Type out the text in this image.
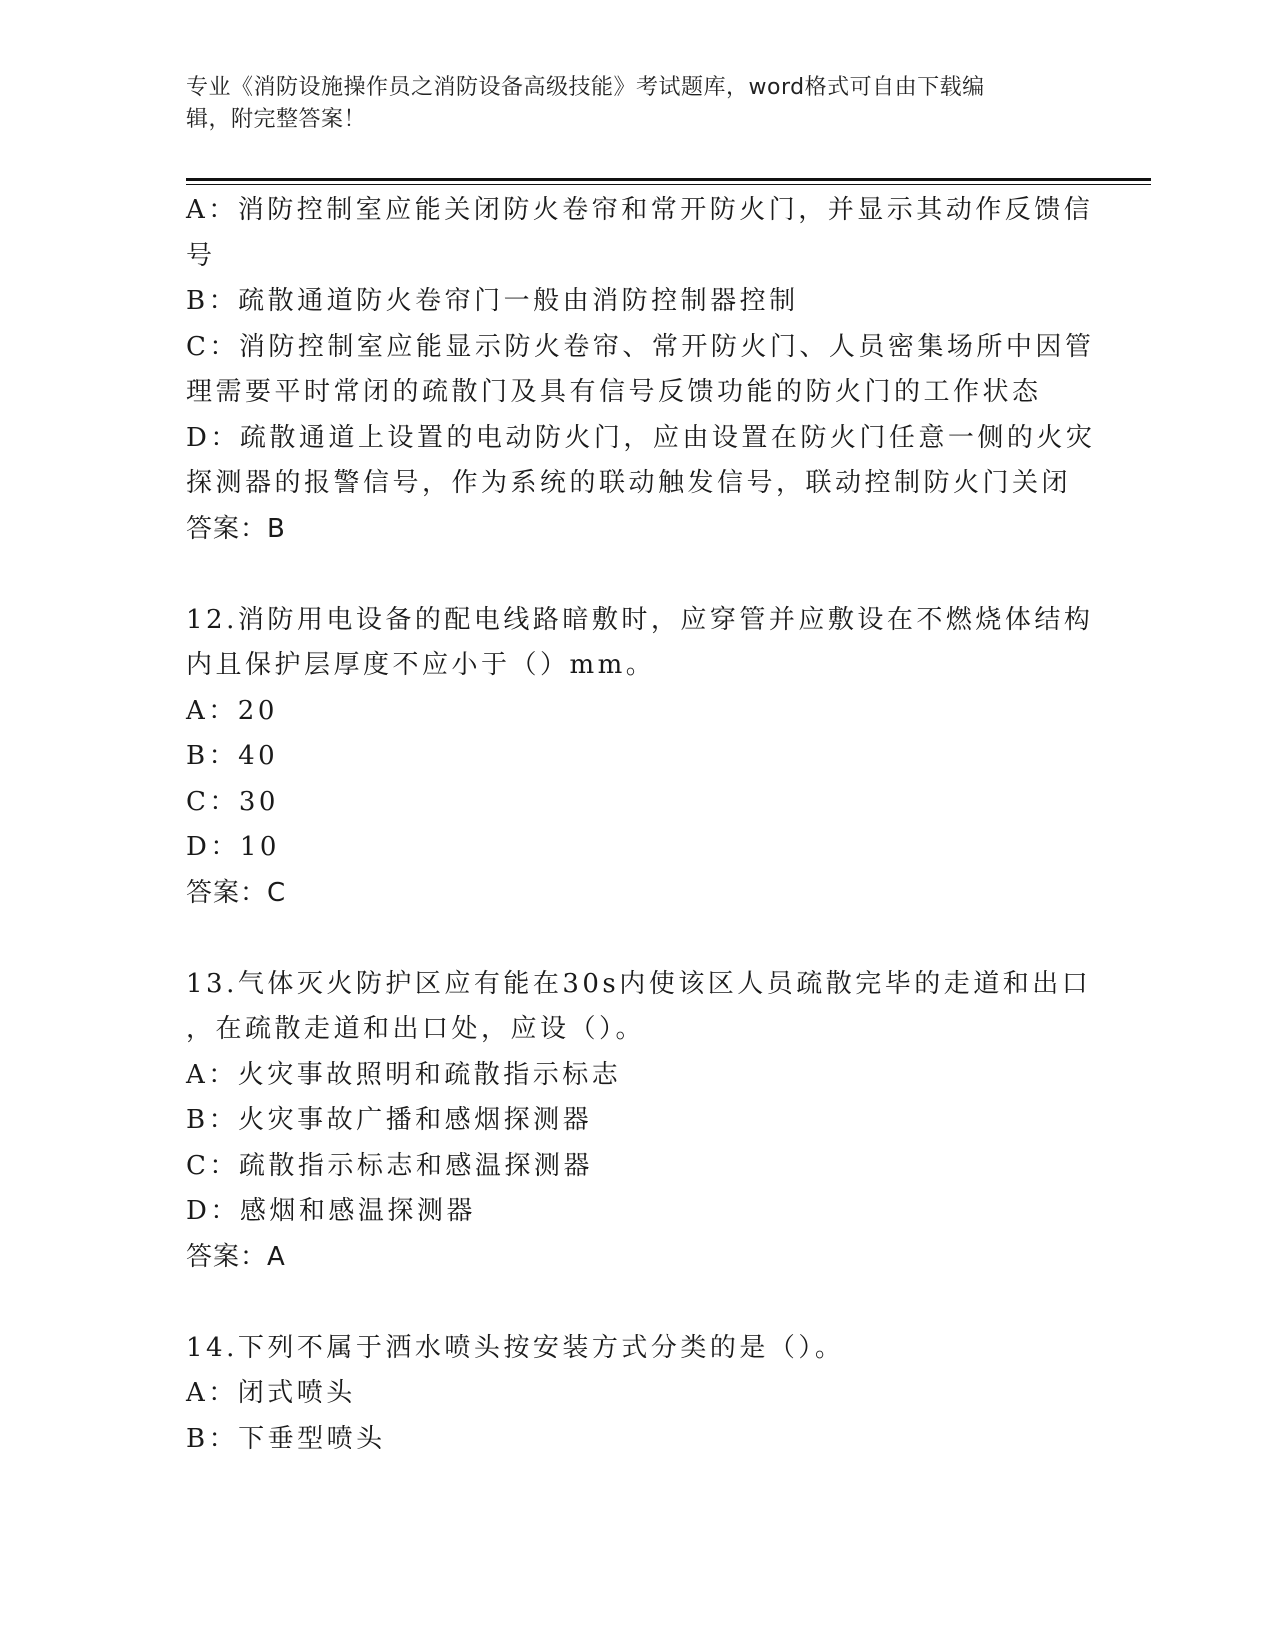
专业《消防设施操作员之消防设备高级技能》考试题库，word格式可自由下载编
辑，附完整答案！
A：消防控制室应能关闭防火卷帘和常开防火门，并显示其动作反馈信
号
B：疏散通道防火卷帘门一般由消防控制器控制
C：消防控制室应能显示防火卷帘、常开防火门、人员密集场所中因管
理需要平时常闭的疏散门及具有信号反馈功能的防火门的工作状态
D：疏散通道上设置的电动防火门，应由设置在防火门任意一侧的火灾
探测器的报警信号，作为系统的联动触发信号，联动控制防火门关闭
答案：B
12.消防用电设备的配电线路暗敷时，应穿管并应敷设在不燃烧体结构
内且保护层厚度不应小于（）mm。
A：20
B：40
C：30
D：10
答案：C
13.气体灭火防护区应有能在30s内使该区人员疏散完毕的走道和出口
，在疏散走道和出口处，应设（）。
A：火灾事故照明和疏散指示标志
B：火灾事故广播和感烟探测器
C：疏散指示标志和感温探测器
D：感烟和感温探测器
答案：A
14.下列不属于洒水喷头按安装方式分类的是（）。
A：闭式喷头
B：下垂型喷头
